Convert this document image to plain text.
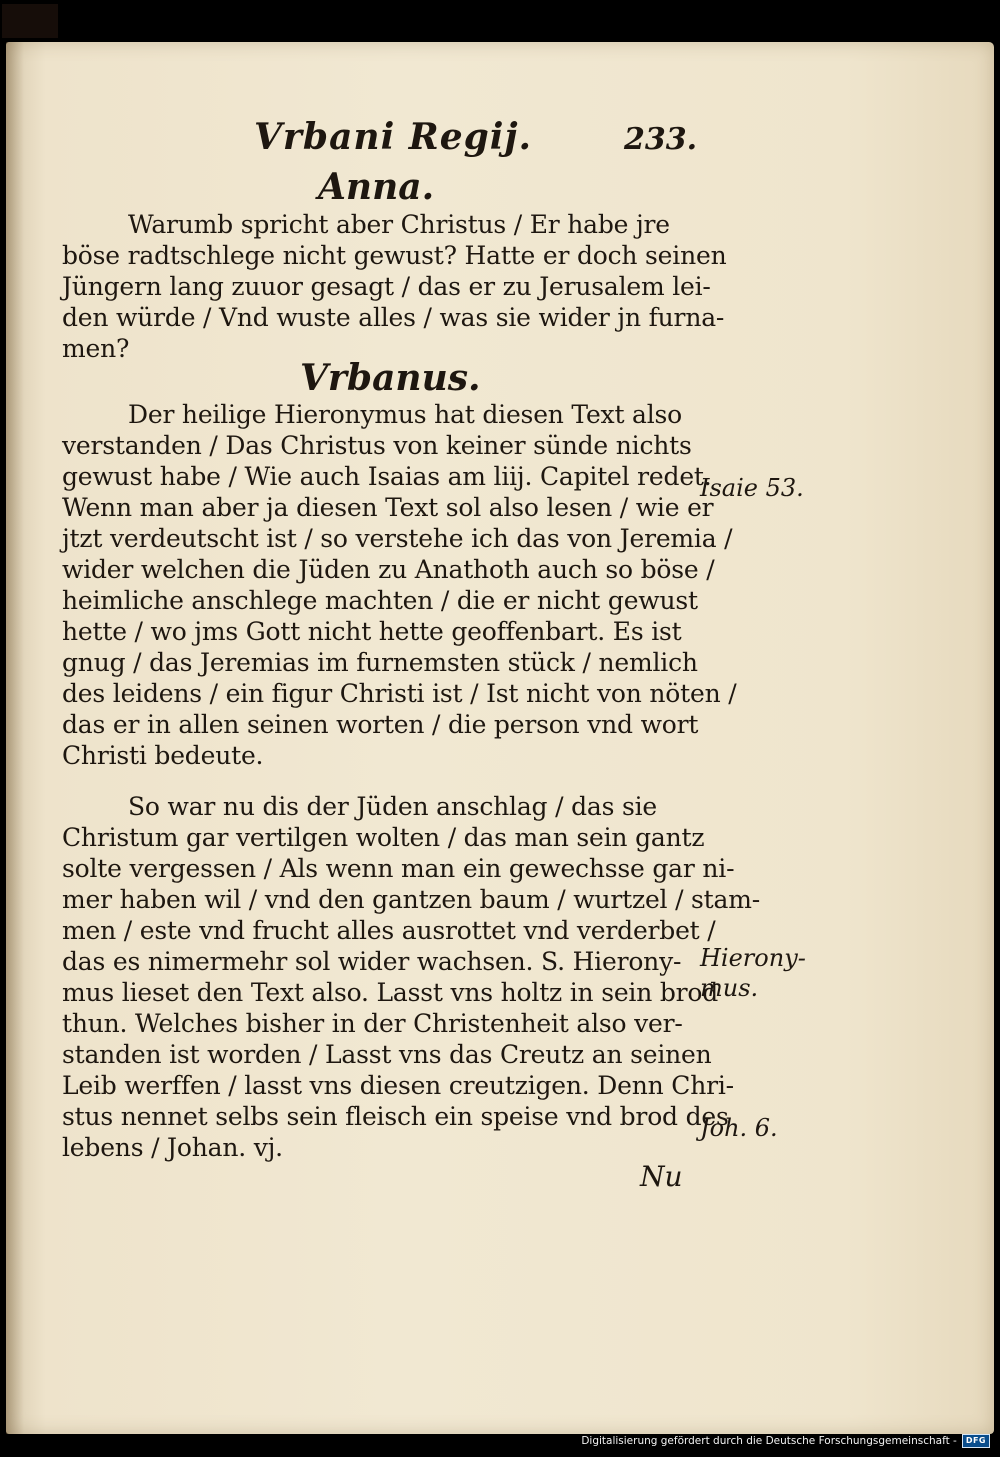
Vrbani Regij.	233.
Anna.
Warumb spricht aber Christus / Er habe jre
böse radtschlege nicht gewust? Hatte er doch seinen
Jüngern lang zuuor gesagt / das er zu Jerusalem lei-
den würde / Vnd wuste alles / was sie wider jn furna-
men?
Vrbanus.
Der heilige Hieronymus hat diesen Text also
verstanden / Das Christus von keiner sünde nichts
gewust habe / Wie auch Isaias am liij. Capitel redet.
Wenn man aber ja diesen Text sol also lesen / wie er
jtzt verdeutscht ist / so verstehe ich das von Jeremia /
wider welchen die Jüden zu Anathoth auch so böse /
heimliche anschlege machten / die er nicht gewust
hette / wo jms Gott nicht hette geoffenbart. Es ist
gnug / das Jeremias im furnemsten stück / nemlich
des leidens / ein figur Christi ist / Ist nicht von nöten /
das er in allen seinen worten / die person vnd wort
Christi bedeute.
So war nu dis der Jüden anschlag / das sie
Christum gar vertilgen wolten / das man sein gantz
solte vergessen / Als wenn man ein gewechsse gar ni-
mer haben wil / vnd den gantzen baum / wurtzel / stam-
men / este vnd frucht alles ausrottet vnd verderbet /
das es nimermehr sol wider wachsen. S. Hierony-
mus lieset den Text also. Lasst vns holtz in sein brod
thun. Welches bisher in der Christenheit also ver-
standen ist worden / Lasst vns das Creutz an seinen
Leib werffen / lasst vns diesen creutzigen. Denn Chri-
stus nennet selbs sein fleisch ein speise vnd brod des
lebens / Johan. vj.
Isaie 53.
Hierony-
mus.
Joh. 6.
Nu
Digitalisierung gefördert durch die Deutsche Forschungsgemeinschaft -	DFG
